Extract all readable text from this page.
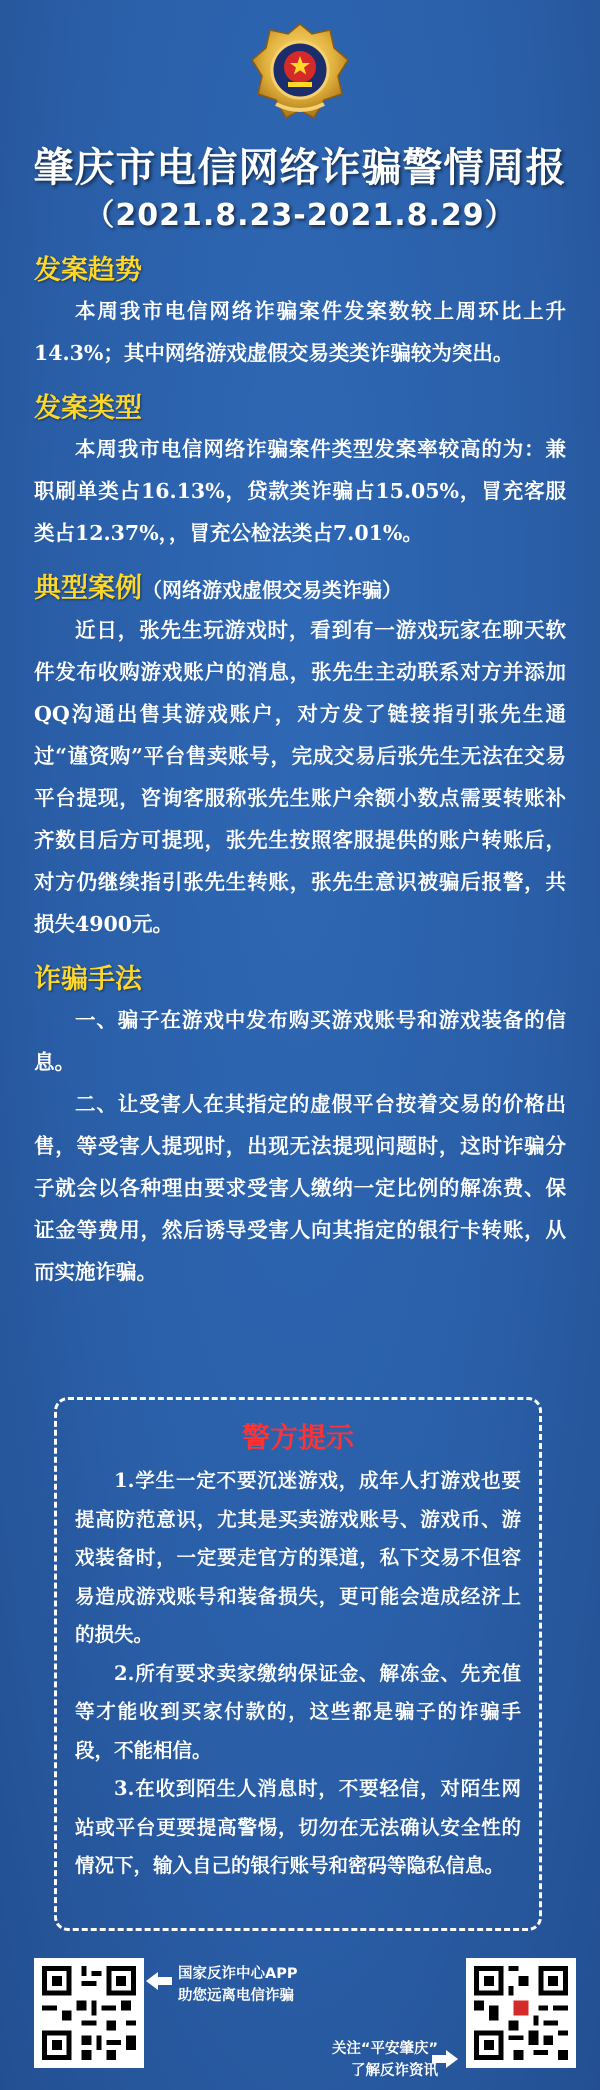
肇庆市电信网络诈骗警情周报
（2021.8.23-2021.8.29）
发案趋势
本周我市电信网络诈骗案件发案数较上周环比上升14.3%；其中网络游戏虚假交易类类诈骗较为突出。
发案类型
本周我市电信网络诈骗案件类型发案率较高的为：兼职刷单类占16.13%，贷款类诈骗占15.05%，冒充客服类占12.37%，，冒充公检法类占7.01%。
典型案例（网络游戏虚假交易类诈骗）
近日，张先生玩游戏时，看到有一游戏玩家在聊天软件发布收购游戏账户的消息，张先生主动联系对方并添加QQ沟通出售其游戏账户，对方发了链接指引张先生通过“谨资购”平台售卖账号，完成交易后张先生无法在交易平台提现，咨询客服称张先生账户余额小数点需要转账补齐数目后方可提现，张先生按照客服提供的账户转账后，对方仍继续指引张先生转账，张先生意识被骗后报警，共损失4900元。
诈骗手法
一、骗子在游戏中发布购买游戏账号和游戏装备的信息。
二、让受害人在其指定的虚假平台按着交易的价格出售，等受害人提现时，出现无法提现问题时，这时诈骗分子就会以各种理由要求受害人缴纳一定比例的解冻费、保证金等费用，然后诱导受害人向其指定的银行卡转账，从而实施诈骗。
警方提示
1.学生一定不要沉迷游戏，成年人打游戏也要提高防范意识，尤其是买卖游戏账号、游戏币、游戏装备时，一定要走官方的渠道，私下交易不但容易造成游戏账号和装备损失，更可能会造成经济上的损失。
2.所有要求卖家缴纳保证金、解冻金、先充值等才能收到买家付款的，这些都是骗子的诈骗手段，不能相信。
3.在收到陌生人消息时，不要轻信，对陌生网站或平台更要提高警惕，切勿在无法确认安全性的情况下，输入自己的银行账号和密码等隐私信息。
国家反诈中心APP
助您远离电信诈骗
关注“平安肇庆”
了解反诈资讯
